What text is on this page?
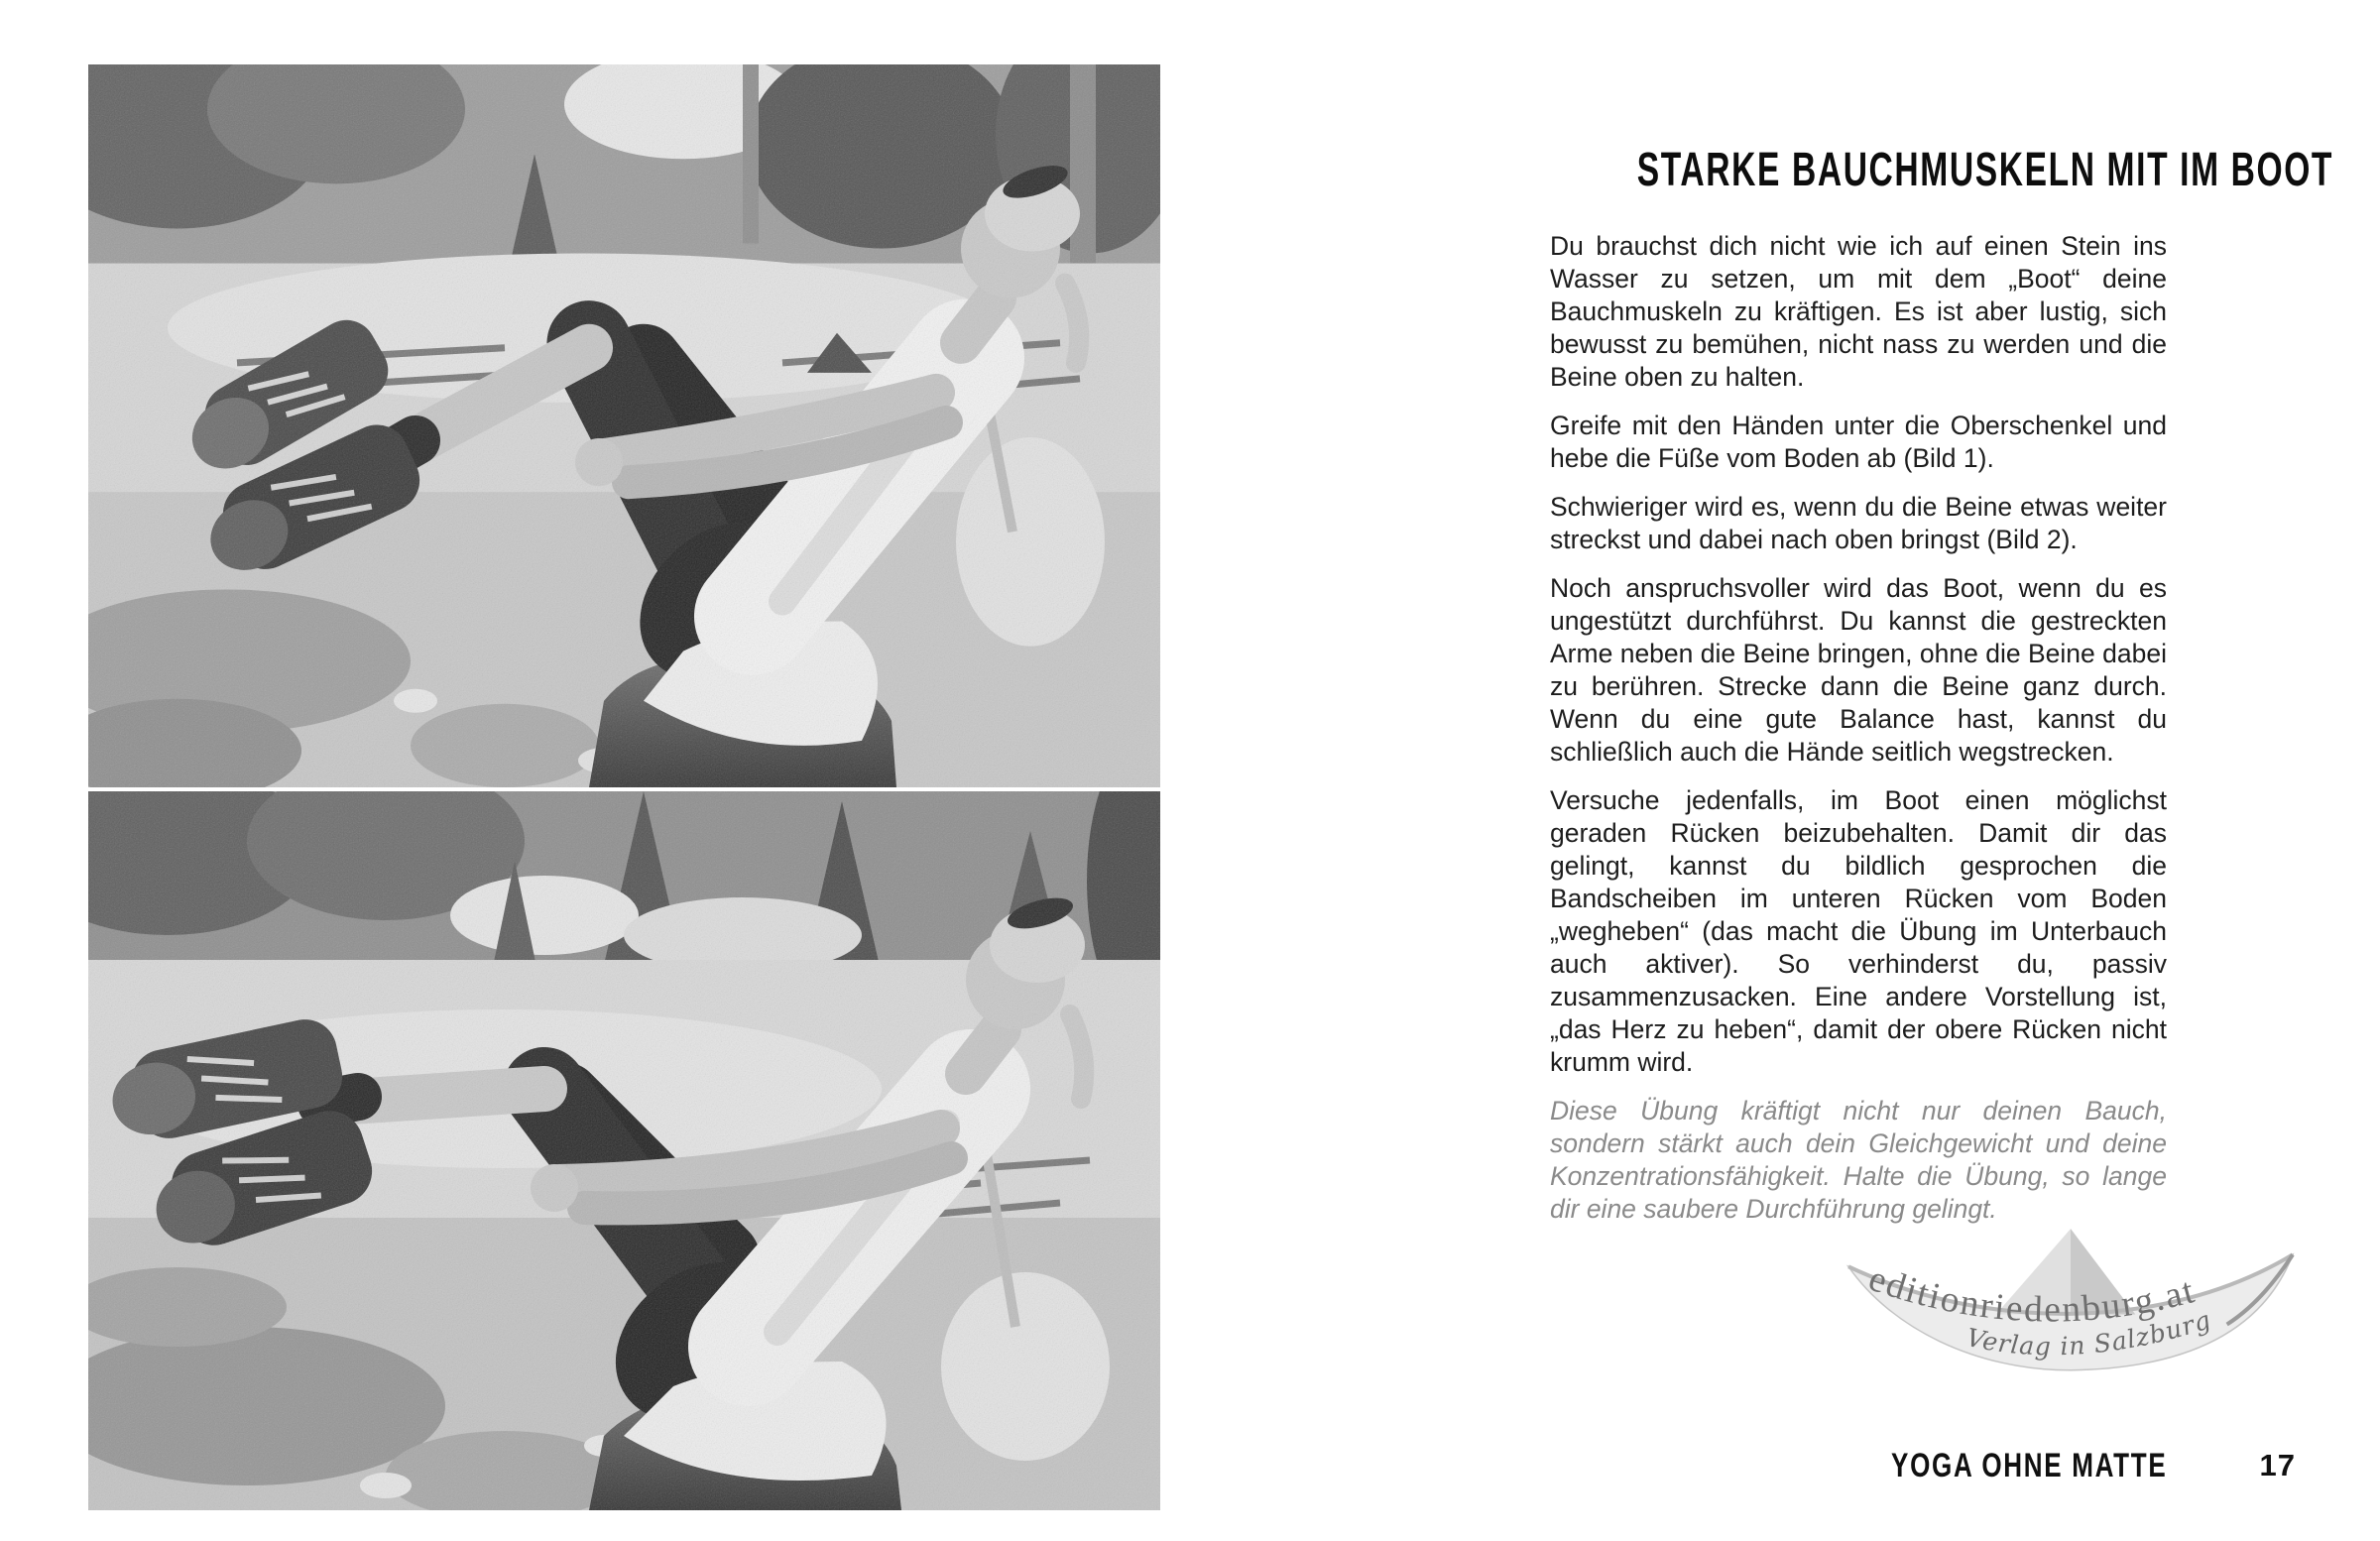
STARKE BAUCHMUSKELN MIT IM BOOT

Du brauchst dich nicht wie ich auf einen Stein ins Wasser zu setzen, um mit dem „Boot“ deine Bauchmuskeln zu kräftigen. Es ist aber lustig, sich bewusst zu bemühen, nicht nass zu werden und die Beine oben zu halten.

Greife mit den Händen unter die Oberschenkel und hebe die Füße vom Boden ab (Bild 1).

Schwieriger wird es, wenn du die Beine etwas weiter streckst und dabei nach oben bringst (Bild 2).

Noch anspruchsvoller wird das Boot, wenn du es ungestützt durchführst. Du kannst die gestreckten Arme neben die Beine bringen, ohne die Beine dabei zu berühren. Strecke dann die Beine ganz durch. Wenn du eine gute Balance hast, kannst du schließlich auch die Hände seitlich wegstrecken.

Versuche jedenfalls, im Boot einen möglichst geraden Rücken beizubehalten. Damit dir das gelingt, kannst du bildlich gesprochen die Bandscheiben im unteren Rücken vom Boden „wegheben“ (das macht die Übung im Unterbauch auch aktiver). So verhinderst du, passiv zusammenzusacken. Eine andere Vorstellung ist, „das Herz zu heben“, damit der obere Rücken nicht krumm wird.

Diese Übung kräftigt nicht nur deinen Bauch, sondern stärkt auch dein Gleichgewicht und deine Konzentrationsfähigkeit. Halte die Übung, so lange dir eine saubere Durchführung gelingt.

editionriedenburg.at
Verlag in Salzburg
YOGA OHNE MATTE	17
